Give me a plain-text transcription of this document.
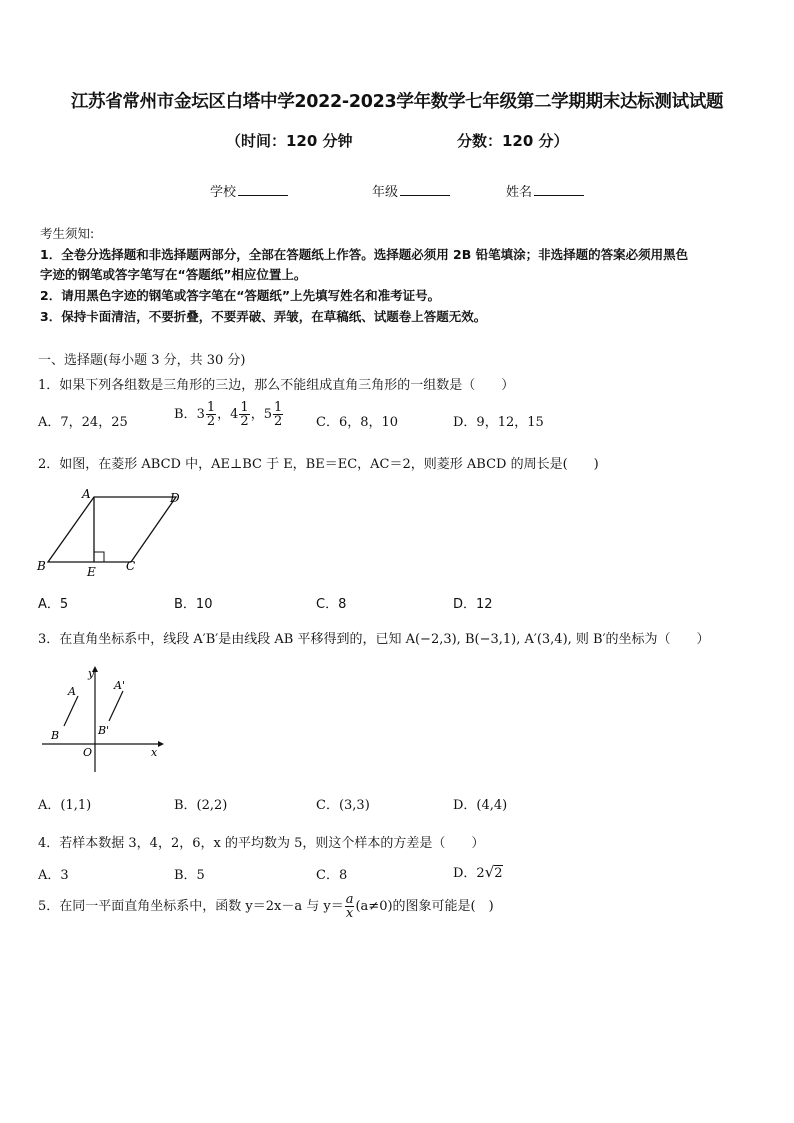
江苏省常州市金坛区白塔中学2022-2023学年数学七年级第二学期期末达标测试试题
（时间：120 分钟	分数：120 分）
学校	年级	姓名
考生须知:
1．全卷分选择题和非选择题两部分，全部在答题纸上作答。选择题必须用 2B 铅笔填涂；非选择题的答案必须用黑色
字迹的钢笔或答字笔写在“答题纸”相应位置上。
2．请用黑色字迹的钢笔或答字笔在“答题纸”上先填写姓名和准考证号。
3．保持卡面清洁，不要折叠，不要弄破、弄皱，在草稿纸、试题卷上答题无效。
一、选择题(每小题 3 分，共 30 分)
1．如果下列各组数是三角形的三边，那么不能组成直角三角形的一组数是（　　）
A．7，24，25
B．$3 \frac{1}{2}$ ，$4 \frac{1}{2}$ ，$5 \frac{1}{2}$	C．6，8，10	D．9，12，15
2．如图，在菱形 ABCD 中，AE⊥BC 于 E，BE＝EC，AC＝2，则菱形 ABCD 的周长是(　　)
A	D
B	E	C
A．5	B．10	C．8	D．12
3．在直角坐标系中，线段 A′B′是由线段 AB 平移得到的，已知 A(−2,3), B(−3,1), A′(3,4), 则 B′的坐标为（　　）
y
A	A'
B	B'
O	x
A．(1,1)	B．(2,2)	C．(3,3)	D．(4,4)
4．若样本数据 3，4，2，6，x 的平均数为 5，则这个样本的方差是（　　）
A．3	B．5	C．8	D．2√2
5．在同一平面直角坐标系中，函数 y＝2x－a 与 $y= \frac{a}{x} (a\ne 0)$的图象可能是(　)
